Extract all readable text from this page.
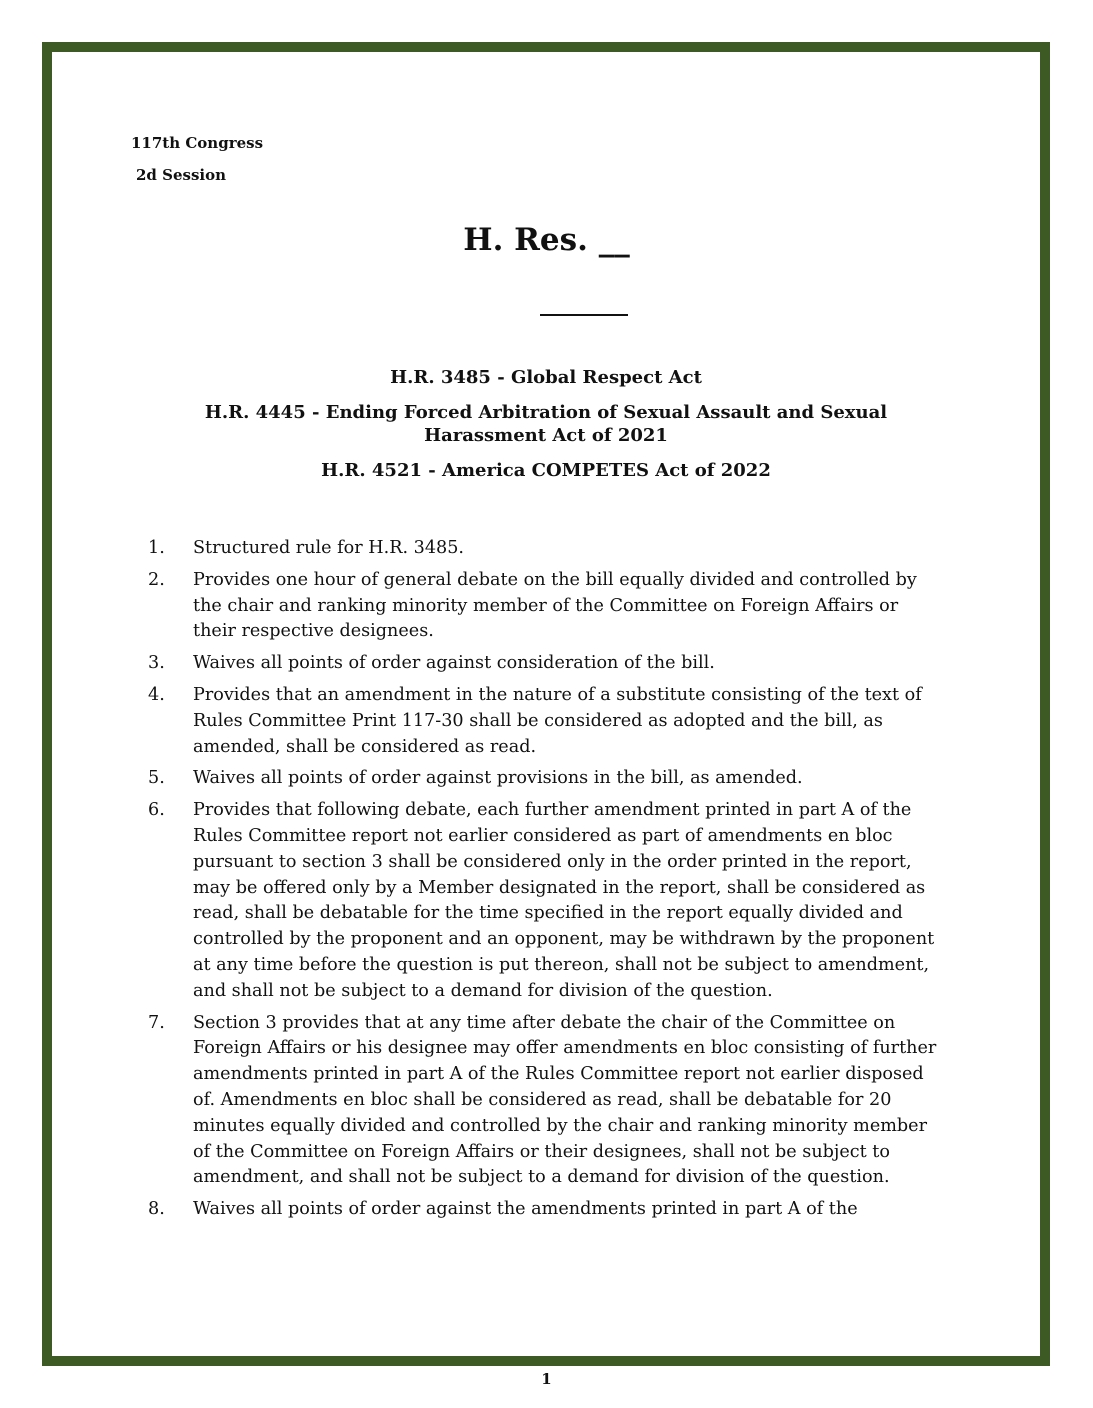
117th Congress
2d Session
H. Res. __
H.R. 3485 - Global Respect Act
H.R. 4445 - Ending Forced Arbitration of Sexual Assault and Sexual Harassment Act of 2021
H.R. 4521 - America COMPETES Act of 2022
1.	Structured rule for H.R. 3485.
2.	Provides one hour of general debate on the bill equally divided and controlled by the chair and ranking minority member of the Committee on Foreign Affairs or their respective designees.
3.	Waives all points of order against consideration of the bill.
4.	Provides that an amendment in the nature of a substitute consisting of the text of Rules Committee Print 117-30 shall be considered as adopted and the bill, as amended, shall be considered as read.
5.	Waives all points of order against provisions in the bill, as amended.
6.	Provides that following debate, each further amendment printed in part A of the Rules Committee report not earlier considered as part of amendments en bloc pursuant to section 3 shall be considered only in the order printed in the report, may be offered only by a Member designated in the report, shall be considered as read, shall be debatable for the time specified in the report equally divided and controlled by the proponent and an opponent, may be withdrawn by the proponent at any time before the question is put thereon, shall not be subject to amendment, and shall not be subject to a demand for division of the question.
7.	Section 3 provides that at any time after debate the chair of the Committee on Foreign Affairs or his designee may offer amendments en bloc consisting of further amendments printed in part A of the Rules Committee report not earlier disposed of. Amendments en bloc shall be considered as read, shall be debatable for 20 minutes equally divided and controlled by the chair and ranking minority member of the Committee on Foreign Affairs or their designees, shall not be subject to amendment, and shall not be subject to a demand for division of the question.
8.	Waives all points of order against the amendments printed in part A of the
1
